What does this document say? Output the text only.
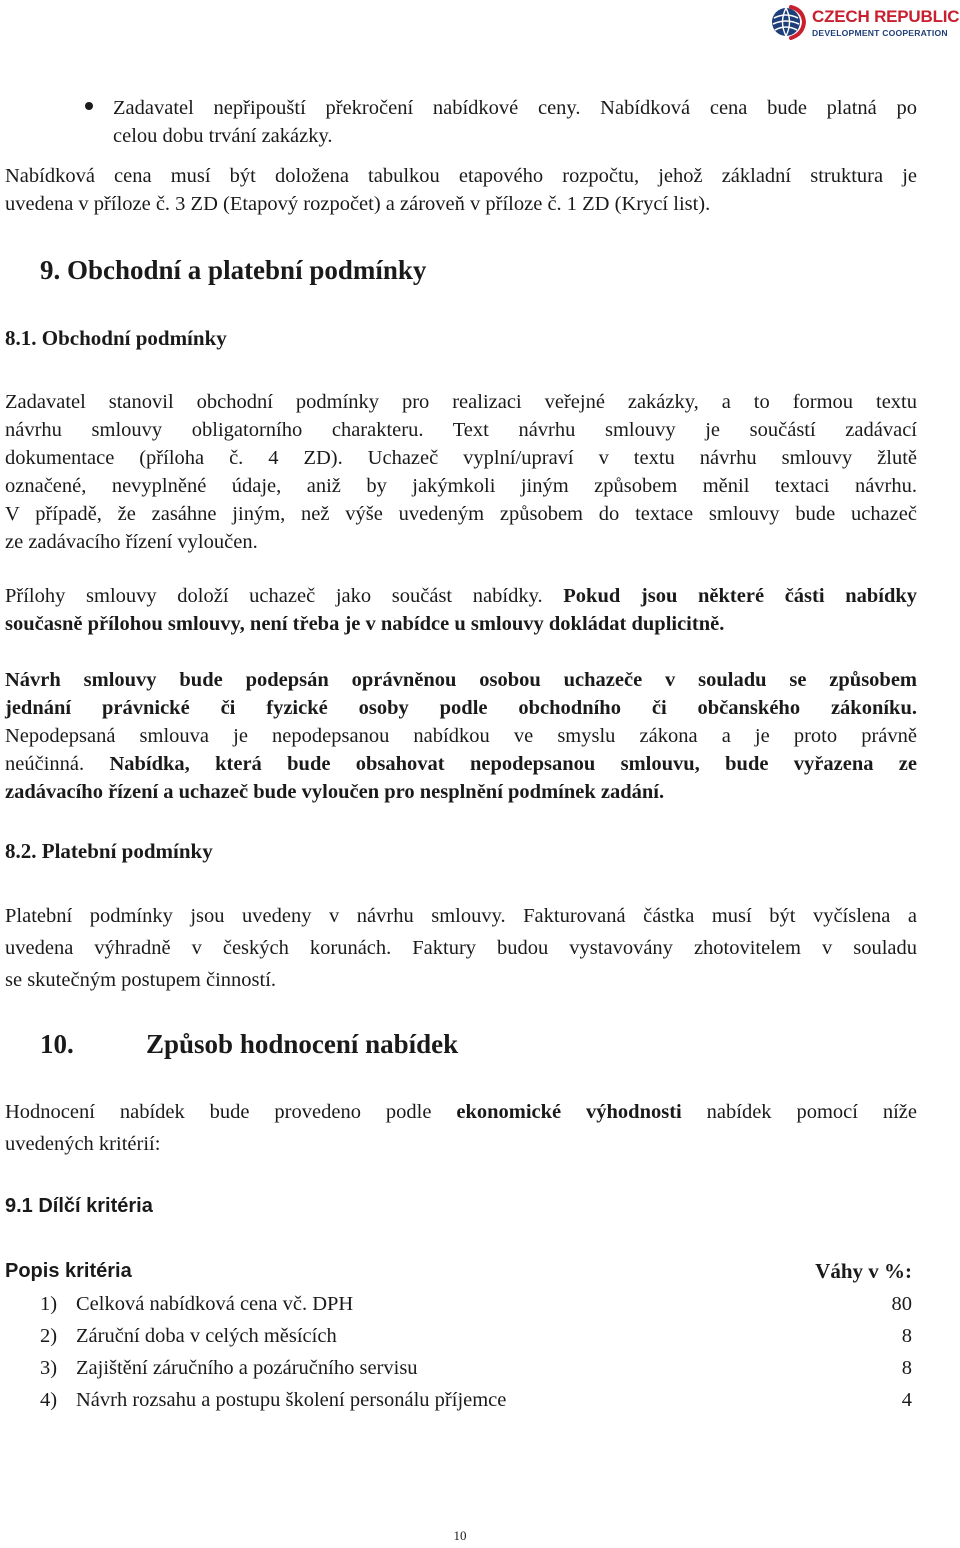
CZECH REPUBLIC
DEVELOPMENT COOPERATION
Zadavatel nepřipouští překročení nabídkové ceny. Nabídková cena bude platná po
celou dobu trvání zakázky.
Nabídková cena musí být doložena tabulkou etapového rozpočtu, jehož základní struktura je
uvedena v příloze č. 3 ZD (Etapový rozpočet) a zároveň v příloze č. 1 ZD (Krycí list).
9. Obchodní a platební podmínky
8.1. Obchodní podmínky
Zadavatel stanovil obchodní podmínky pro realizaci veřejné zakázky, a to formou textu
návrhu smlouvy obligatorního charakteru. Text návrhu smlouvy je součástí zadávací
dokumentace (příloha č. 4 ZD). Uchazeč vyplní/upraví v textu návrhu smlouvy žlutě
označené, nevyplněné údaje, aniž by jakýmkoli jiným způsobem měnil textaci návrhu.
V případě, že zasáhne jiným, než výše uvedeným způsobem do textace smlouvy bude uchazeč
ze zadávacího řízení vyloučen.
Přílohy smlouvy doloží uchazeč jako součást nabídky. Pokud jsou některé části nabídky
současně přílohou smlouvy, není třeba je v nabídce u smlouvy dokládat duplicitně.
Návrh smlouvy bude podepsán oprávněnou osobou uchazeče v souladu se způsobem
jednání právnické či fyzické osoby podle obchodního či občanského zákoníku.
Nepodepsaná smlouva je nepodepsanou nabídkou ve smyslu zákona a je proto právně
neúčinná. Nabídka, která bude obsahovat nepodepsanou smlouvu, bude vyřazena ze
zadávacího řízení a uchazeč bude vyloučen pro nesplnění podmínek zadání.
8.2. Platební podmínky
Platební podmínky jsou uvedeny v návrhu smlouvy. Fakturovaná částka musí být vyčíslena a
uvedena výhradně v českých korunách. Faktury budou vystavovány zhotovitelem v souladu
se skutečným postupem činností.
10.	Způsob hodnocení nabídek
Hodnocení nabídek bude provedeno podle ekonomické výhodnosti nabídek pomocí níže
uvedených kritérií:
9.1 Dílčí kritéria
Popis kritéria	Váhy v %:
1) Celková nabídková cena vč. DPH	80
2) Záruční doba v celých měsících	8
3) Zajištění záručního a pozáručního servisu	8
4) Návrh rozsahu a postupu školení personálu příjemce	4
10
